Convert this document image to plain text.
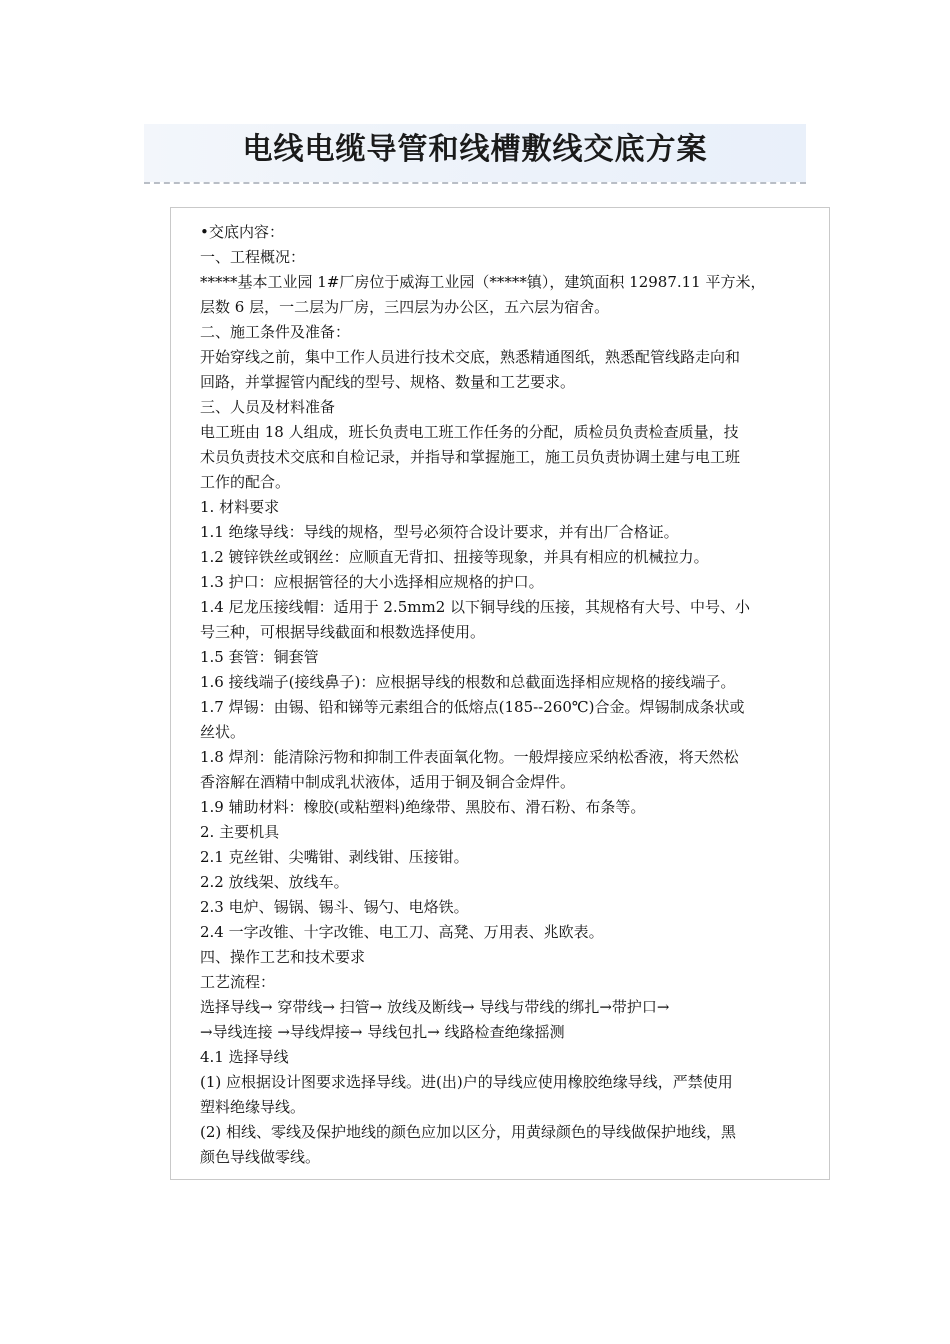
电线电缆导管和线槽敷线交底方案
•交底内容：
一、工程概况：
*****基本工业园 1#厂房位于威海工业园（*****镇），建筑面积 12987.11 平方米，
层数 6 层，一二层为厂房，三四层为办公区，五六层为宿舍。
二、施工条件及准备：
开始穿线之前，集中工作人员进行技术交底，熟悉精通图纸，熟悉配管线路走向和
回路，并掌握管内配线的型号、规格、数量和工艺要求。
三、人员及材料准备
电工班由 18 人组成，班长负责电工班工作任务的分配，质检员负责检查质量，技
术员负责技术交底和自检记录，并指导和掌握施工，施工员负责协调土建与电工班
工作的配合。
1. 材料要求
1.1 绝缘导线：导线的规格，型号必须符合设计要求，并有出厂合格证。
1.2 镀锌铁丝或钢丝：应顺直无背扣、扭接等现象，并具有相应的机械拉力。
1.3 护口：应根据管径的大小选择相应规格的护口。
1.4 尼龙压接线帽：适用于 2.5mm2 以下铜导线的压接，其规格有大号、中号、小
号三种，可根据导线截面和根数选择使用。
1.5 套管：铜套管
1.6 接线端子(接线鼻子)：应根据导线的根数和总截面选择相应规格的接线端子。
1.7 焊锡：由锡、铅和锑等元素组合的低熔点(185--260℃)合金。焊锡制成条状或
丝状。
1.8 焊剂：能清除污物和抑制工件表面氧化物。一般焊接应采纳松香液，将天然松
香溶解在酒精中制成乳状液体，适用于铜及铜合金焊件。
1.9 辅助材料：橡胶(或粘塑料)绝缘带、黑胶布、滑石粉、布条等。
2. 主要机具
2.1 克丝钳、尖嘴钳、剥线钳、压接钳。
2.2 放线架、放线车。
2.3 电炉、锡锅、锡斗、锡勺、电烙铁。
2.4 一字改锥、十字改锥、电工刀、高凳、万用表、兆欧表。
四、操作工艺和技术要求
工艺流程：
选择导线→ 穿带线→ 扫管→ 放线及断线→ 导线与带线的绑扎→带护口→
→导线连接 →导线焊接→ 导线包扎→ 线路检查绝缘摇测
4.1 选择导线
(1) 应根据设计图要求选择导线。进(出)户的导线应使用橡胶绝缘导线，严禁使用
塑料绝缘导线。
(2) 相线、零线及保护地线的颜色应加以区分，用黄绿颜色的导线做保护地线，黑
颜色导线做零线。
